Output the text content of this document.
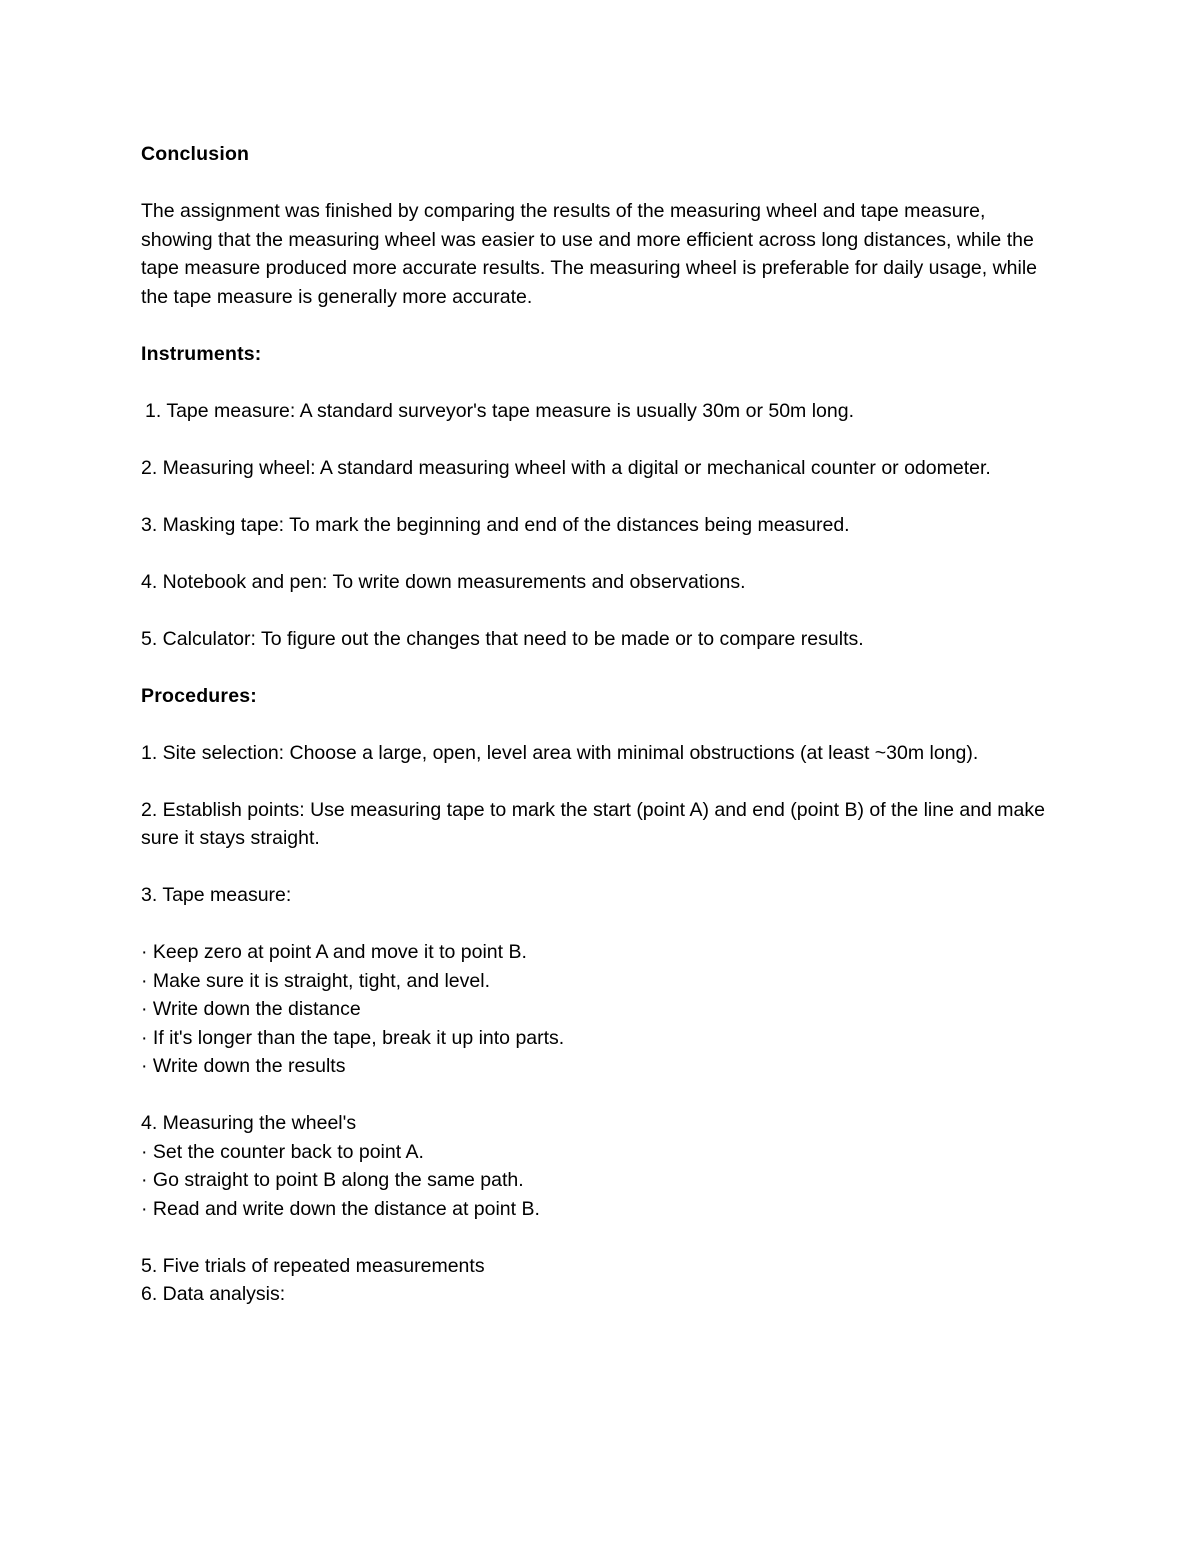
Conclusion

The assignment was finished by comparing the results of the measuring wheel and tape measure, showing that the measuring wheel was easier to use and more efficient across long distances, while the tape measure produced more accurate results. The measuring wheel is preferable for daily usage, while the tape measure is generally more accurate.

Instruments:

1. Tape measure: A standard surveyor's tape measure is usually 30m or 50m long.

2. Measuring wheel: A standard measuring wheel with a digital or mechanical counter or odometer.

3. Masking tape: To mark the beginning and end of the distances being measured.

4. Notebook and pen: To write down measurements and observations.

5. Calculator: To figure out the changes that need to be made or to compare results.

Procedures:

1. Site selection: Choose a large, open, level area with minimal obstructions (at least ~30m long).

2. Establish points: Use measuring tape to mark the start (point A) and end (point B) of the line and make sure it stays straight.

3. Tape measure:

· Keep zero at point A and move it to point B.

· Make sure it is straight, tight, and level.

· Write down the distance

· If it's longer than the tape, break it up into parts.

· Write down the results

4. Measuring the wheel's

· Set the counter back to point A.

· Go straight to point B along the same path.

· Read and write down the distance at point B.

5. Five trials of repeated measurements

6. Data analysis:
